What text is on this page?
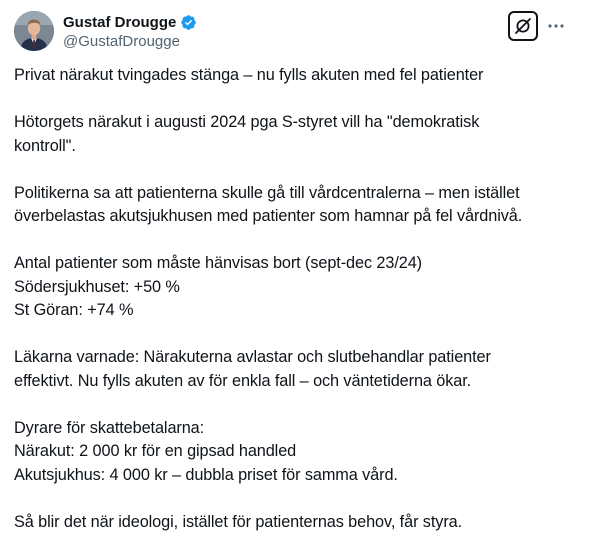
Gustaf Drougge
@GustafDrougge

Privat närakut tvingades stänga – nu fylls akuten med fel patienter

Hötorgets närakut i augusti 2024 pga S-styret vill ha "demokratisk
kontroll".

Politikerna sa att patienterna skulle gå till vårdcentralerna – men istället
överbelastas akutsjukhusen med patienter som hamnar på fel vårdnivå.

Antal patienter som måste hänvisas bort (sept-dec 23/24)
Södersjukhuset: +50 %
St Göran: +74 %

Läkarna varnade: Närakuterna avlastar och slutbehandlar patienter
effektivt. Nu fylls akuten av för enkla fall – och väntetiderna ökar.

Dyrare för skattebetalarna:
Närakut: 2 000 kr för en gipsad handled
Akutsjukhus: 4 000 kr – dubbla priset för samma vård.

Så blir det när ideologi, istället för patienternas behov, får styra.
